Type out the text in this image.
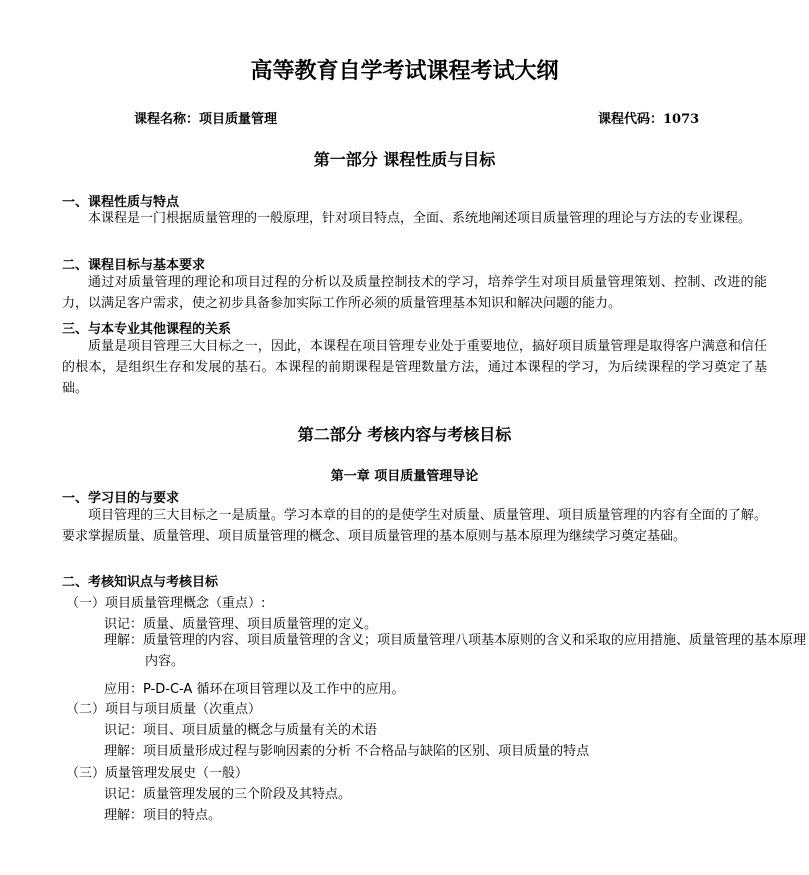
高等教育自学考试课程考试大纲
课程名称：项目质量管理	课程代码：1073
第一部分 课程性质与目标
一、课程性质与特点
本课程是一门根据质量管理的一般原理，针对项目特点，全面、系统地阐述项目质量管理的理论与方法的专业课程。
二、课程目标与基本要求
通过对质量管理的理论和项目过程的分析以及质量控制技术的学习，培养学生对项目质量管理策划、控制、改进的能力，以满足客户需求，使之初步具备参加实际工作所必须的质量管理基本知识和解决问题的能力。
三、与本专业其他课程的关系
质量是项目管理三大目标之一，因此，本课程在项目管理专业处于重要地位，搞好项目质量管理是取得客户满意和信任的根本，是组织生存和发展的基石。本课程的前期课程是管理数量方法，通过本课程的学习，为后续课程的学习奠定了基础。
第二部分 考核内容与考核目标
第一章 项目质量管理导论
一、学习目的与要求
项目管理的三大目标之一是质量。学习本章的目的的是使学生对质量、质量管理、项目质量管理的内容有全面的了解。要求掌握质量、质量管理、项目质量管理的概念、项目质量管理的基本原则与基本原理为继续学习奠定基础。
二、考核知识点与考核目标
（一）项目质量管理概念（重点）:
识记：质量、质量管理、项目质量管理的定义。
理解：质量管理的内容、项目质量管理的含义；项目质量管理八项基本原则的含义和采取的应用措施、质量管理的基本原理内容。
应用：P-D-C-A 循环在项目管理以及工作中的应用。
（二）项目与项目质量（次重点）
识记：项目、项目质量的概念与质量有关的术语
理解：项目质量形成过程与影响因素的分析 不合格品与缺陷的区别、项目质量的特点
（三）质量管理发展史（一般）
识记：质量管理发展的三个阶段及其特点。
理解：项目的特点。
